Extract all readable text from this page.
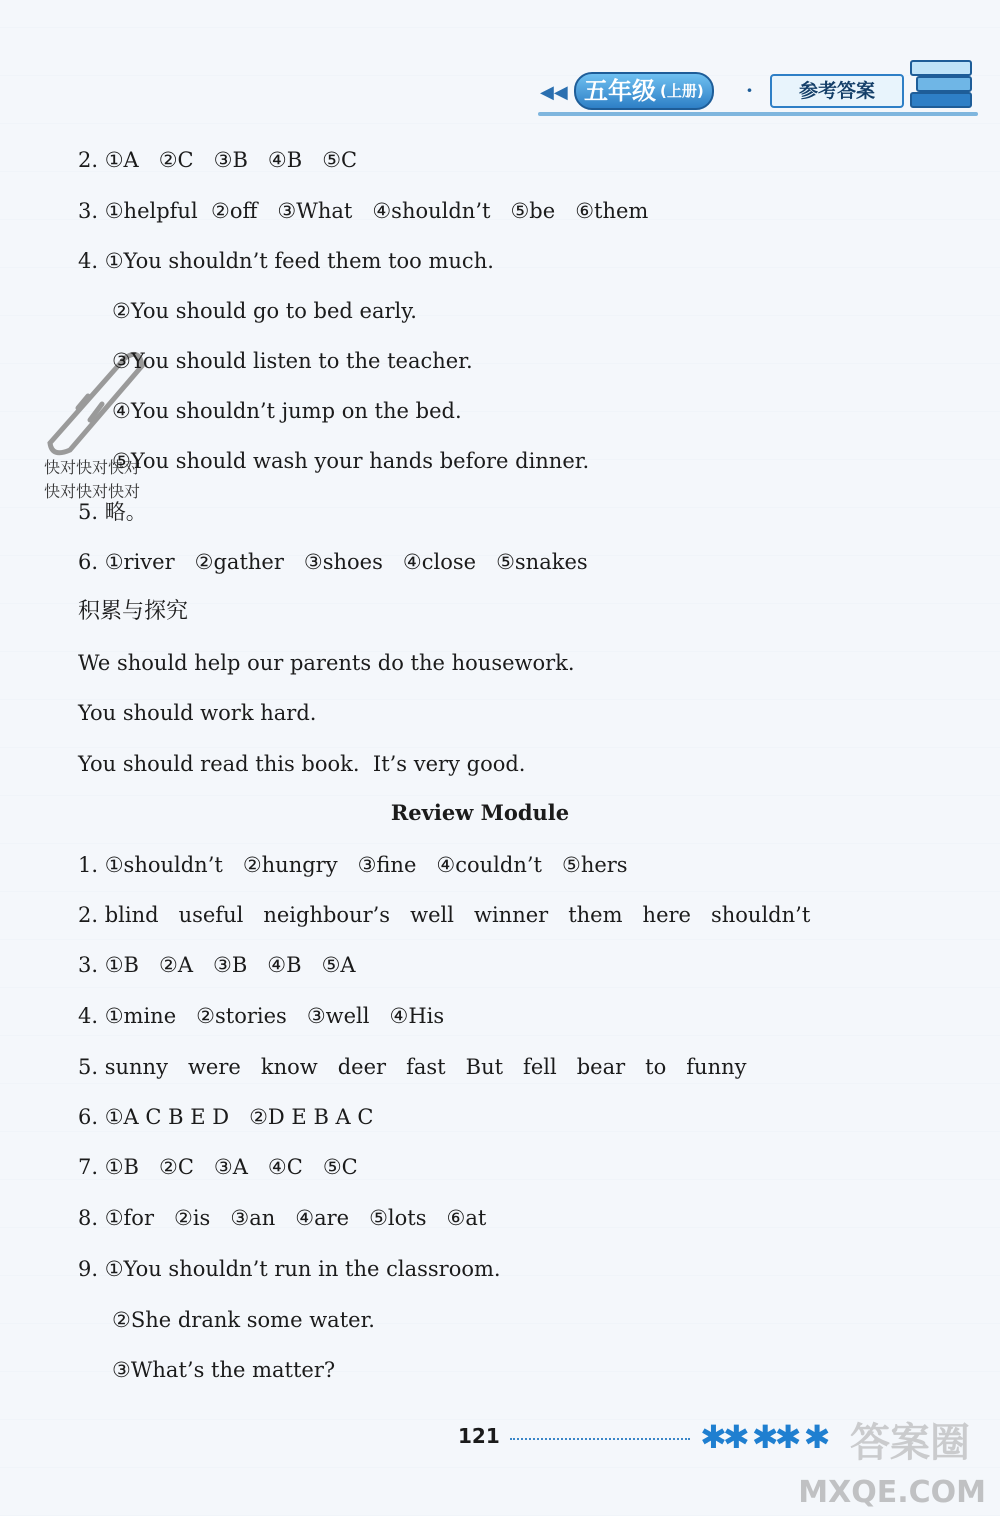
◀◀ 五年级 (上册) ·	参考答案
快对快对快对
快对快对快对
2. ①A   ②C   ③B   ④B   ⑤C
3. ①helpful  ②off   ③What   ④shouldn’t   ⑤be   ⑥them
4. ①You shouldn’t feed them too much.
②You should go to bed early.
③You should listen to the teacher.
④You shouldn’t jump on the bed.
⑤You should wash your hands before dinner.
5. 略。
6. ①river   ②gather   ③shoes   ④close   ⑤snakes
积累与探究
We should help our parents do the housework.
You should work hard.
You should read this book.  It’s very good.
Review Module
1. ①shouldn’t   ②hungry   ③fine   ④couldn’t   ⑤hers
2. blind   useful   neighbour’s   well   winner   them   here   shouldn’t
3. ①B   ②A   ③B   ④B   ⑤A
4. ①mine   ②stories   ③well   ④His
5. sunny   were   know   deer   fast   But   fell   bear   to   funny
6. ①A C B E D   ②D E B A C
7. ①B   ②C   ③A   ④C   ⑤C
8. ①for   ②is   ③an   ④are   ⑤lots   ⑥at
9. ①You shouldn’t run in the classroom.
②She drank some water.
③What’s the matter?
121	✱✱ ✱✱ ✱ 答案圈
MXQE.COM
